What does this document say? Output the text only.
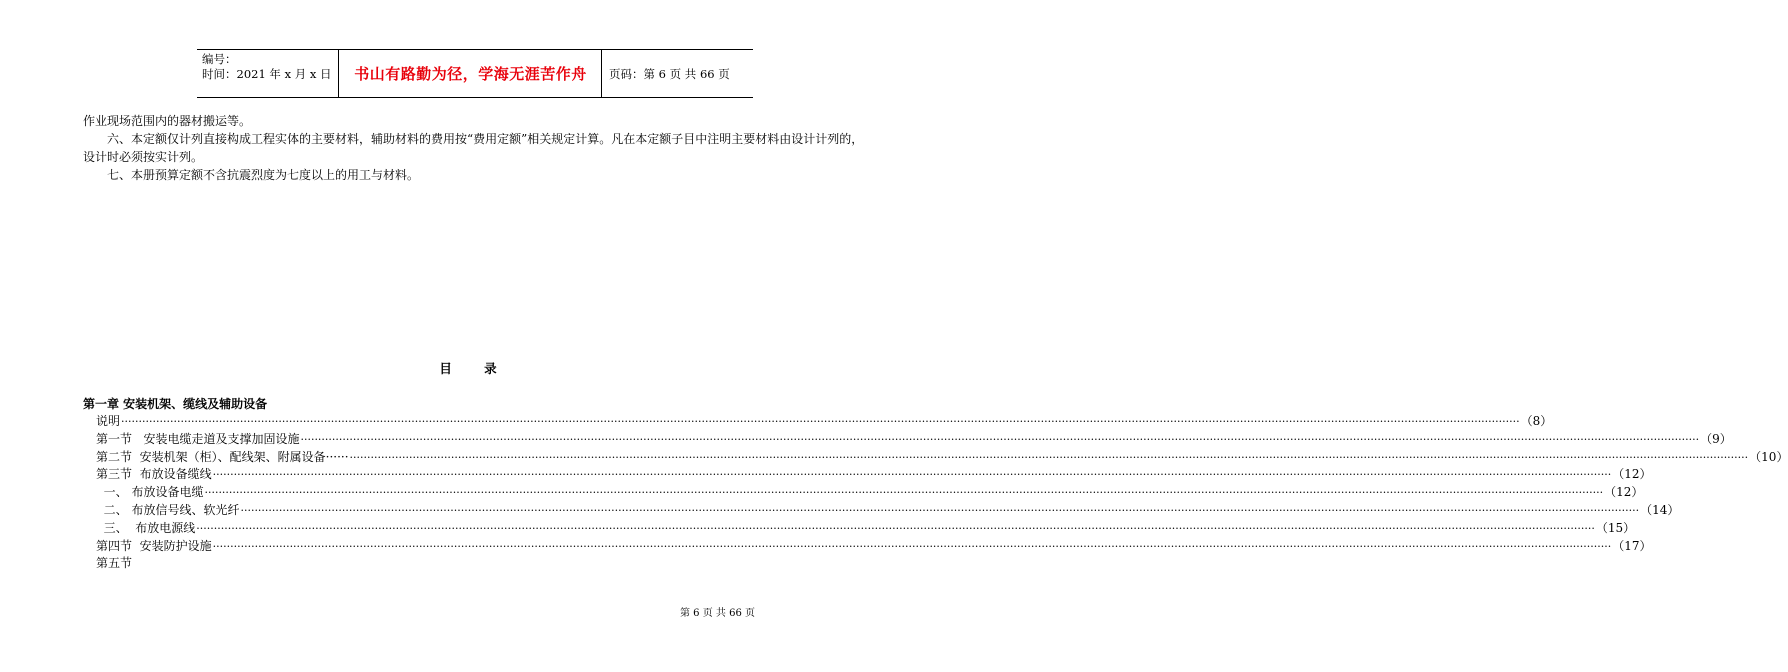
编号：
时间：2021 年 x 月 x 日	书山有路勤为径，学海无涯苦作舟	页码：第 6 页 共 66 页

作业现场范围内的器材搬运等。

六、本定额仅计列直接构成工程实体的主要材料，辅助材料的费用按“费用定额”相关规定计算。凡在本定额子目中注明主要材料由设计计列的，设计时必须按实计列。

七、本册预算定额不含抗震烈度为七度以上的用工与材料。

目 录
第一章 安装机架、缆线及辅助设备
说明 ················································································································································································································································································································································································································ （8）
第一节   安装电缆走道及支撑加固设施 ················································································································································································································································································································································································································ （9）
第二节  安装机架（柜）、配线架、附属设备······ ················································································································································································································································································································································································································ （10）
第三节  布放设备缆线 ················································································································································································································································································································································································································ （12）
一、 布放设备电缆 ················································································································································································································································································································································································································ （12）
二、 布放信号线、软光纤 ················································································································································································································································································································································································································ （14）
三、  布放电源线 ················································································································································································································································································································································································································ （15）
第四节  安装防护设施 ················································································································································································································································································································································································································ （17）
第五节
第 6 页 共 66 页
